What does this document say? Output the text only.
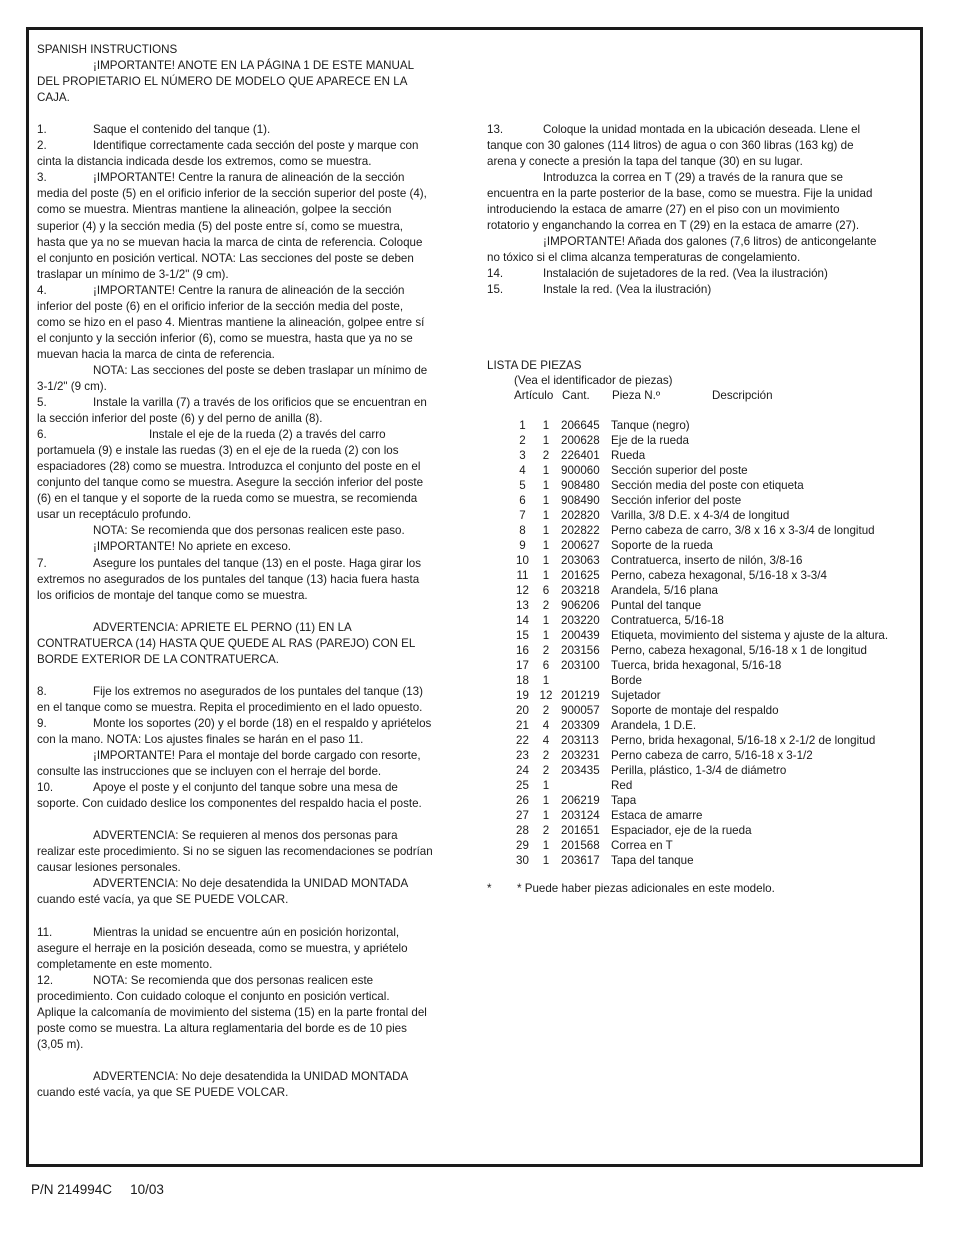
SPANISH INSTRUCTIONS

¡IMPORTANTE! ANOTE EN LA PÁGINA 1 DE ESTE MANUAL

DEL PROPIETARIO EL NÚMERO DE MODELO QUE APARECE EN LA

CAJA.

1.	Saque el contenido del tanque (1).

2.	Identifique correctamente cada sección del poste y marque con

cinta la distancia indicada desde los extremos, como se muestra.

3.	¡IMPORTANTE! Centre la ranura de alineación de la sección

media del poste (5) en el orificio inferior de la sección superior del poste (4),

como se muestra. Mientras mantiene la alineación, golpee la sección

superior (4) y la sección media (5) del poste entre sí, como se muestra,

hasta que ya no se muevan hacia la marca de cinta de referencia. Coloque

el conjunto en posición vertical. NOTA: Las secciones del poste se deben

traslapar un mínimo de 3-1/2" (9 cm).

4.	¡IMPORTANTE! Centre la ranura de alineación de la sección

inferior del poste (6) en el orificio inferior de la sección media del poste,

como se hizo en el paso 4. Mientras mantiene la alineación, golpee entre sí

el conjunto y la sección inferior (6), como se muestra, hasta que ya no se

muevan hacia la marca de cinta de referencia.

NOTA: Las secciones del poste se deben traslapar un mínimo de

3-1/2" (9 cm).

5.	Instale la varilla (7) a través de los orificios que se encuentran en

la sección inferior del poste (6) y del perno de anilla (8).

6.	Instale el eje de la rueda (2) a través del carro

portamuela (9) e instale las ruedas (3) en el eje de la rueda (2) con los

espaciadores (28) como se muestra. Introduzca el conjunto del poste en el

conjunto del tanque como se muestra. Asegure la sección inferior del poste

(6) en el tanque y el soporte de la rueda como se muestra, se recomienda

usar un receptáculo profundo.

NOTA: Se recomienda que dos personas realicen este paso.

¡IMPORTANTE! No apriete en exceso.

7.	Asegure los puntales del tanque (13) en el poste. Haga girar los

extremos no asegurados de los puntales del tanque (13) hacia fuera hasta

los orificios de montaje del tanque como se muestra.

ADVERTENCIA: APRIETE EL PERNO (11) EN LA

CONTRATUERCA (14) HASTA QUE QUEDE AL RAS (PAREJO) CON EL

BORDE EXTERIOR DE LA CONTRATUERCA.

8.	Fije los extremos no asegurados de los puntales del tanque (13)

en el tanque como se muestra. Repita el procedimiento en el lado opuesto.

9.	Monte los soportes (20) y el borde (18) en el respaldo y apriételos

con la mano. NOTA: Los ajustes finales se harán en el paso 11.

¡IMPORTANTE! Para el montaje del borde cargado con resorte,

consulte las instrucciones que se incluyen con el herraje del borde.

10.	Apoye el poste y el conjunto del tanque sobre una mesa de

soporte. Con cuidado deslice los componentes del respaldo hacia el poste.

ADVERTENCIA: Se requieren al menos dos personas para

realizar este procedimiento. Si no se siguen las recomendaciones se podrían

causar lesiones personales.

ADVERTENCIA: No deje desatendida la UNIDAD MONTADA

cuando esté vacía, ya que SE PUEDE VOLCAR.

11.	Mientras la unidad se encuentre aún en posición horizontal,

asegure el herraje en la posición deseada, como se muestra, y apriételo

completamente en este momento.

12.	NOTA: Se recomienda que dos personas realicen este

procedimiento. Con cuidado coloque el conjunto en posición vertical.

Aplique la calcomanía de movimiento del sistema (15) en la parte frontal del

poste como se muestra. La altura reglamentaria del borde es de 10 pies

(3,05 m).

ADVERTENCIA: No deje desatendida la UNIDAD MONTADA

cuando esté vacía, ya que SE PUEDE VOLCAR.

13.	Coloque la unidad montada en la ubicación deseada. Llene el

tanque con 30 galones (114 litros) de agua o con 360 libras (163 kg) de

arena y conecte a presión la tapa del tanque (30) en su lugar.

Introduzca la correa en T (29) a través de la ranura que se

encuentra en la parte posterior de la base, como se muestra. Fije la unidad

introduciendo la estaca de amarre (27) en el piso con un movimiento

rotatorio y enganchando la correa en T (29) en la estaca de amarre (27).

¡IMPORTANTE! Añada dos galones (7,6 litros) de anticongelante

no tóxico si el clima alcanza temperaturas de congelamiento.

14.	Instalación de sujetadores de la red. (Vea la ilustración)

15.	Instale la red. (Vea la ilustración)

LISTA DE PIEZAS

(Vea el identificador de piezas)

Artículo Cant. Pieza N.º	Descripción

1	1	206645	Tanque (negro)
2	1	200628	Eje de la rueda
3	2	226401	Rueda
4	1	900060	Sección superior del poste
5	1	908480	Sección media del poste con etiqueta
6	1	908490	Sección inferior del poste
7	1	202820	Varilla, 3/8 D.E. x 4-3/4 de longitud
8	1	202822	Perno cabeza de carro, 3/8 x 16 x 3-3/4 de longitud
9	1	200627	Soporte de la rueda
10	1	203063	Contratuerca, inserto de nilón, 3/8-16
11	1	201625	Perno, cabeza hexagonal, 5/16-18 x 3-3/4
12	6	203218	Arandela, 5/16 plana
13	2	906206	Puntal del tanque
14	1	203220	Contratuerca, 5/16-18
15	1	200439	Etiqueta, movimiento del sistema y ajuste de la altura.
16	2	203156	Perno, cabeza hexagonal, 5/16-18 x 1 de longitud
17	6	203100	Tuerca, brida hexagonal, 5/16-18
18	1		Borde
19	12	201219	Sujetador
20	2	900057	Soporte de montaje del respaldo
21	4	203309	Arandela, 1 D.E.
22	4	203113	Perno, brida hexagonal, 5/16-18 x 2-1/2 de longitud
23	2	203231	Perno cabeza de carro, 5/16-18 x 3-1/2
24	2	203435	Perilla, plástico, 1-3/4 de diámetro
25	1		Red
26	1	206219	Tapa
27	1	203124	Estaca de amarre
28	2	201651	Espaciador, eje de la rueda
29	1	201568	Correa en T
30	1	203617	Tapa del tanque

* * Puede haber piezas adicionales en este modelo.

P/N 214994C 10/03
